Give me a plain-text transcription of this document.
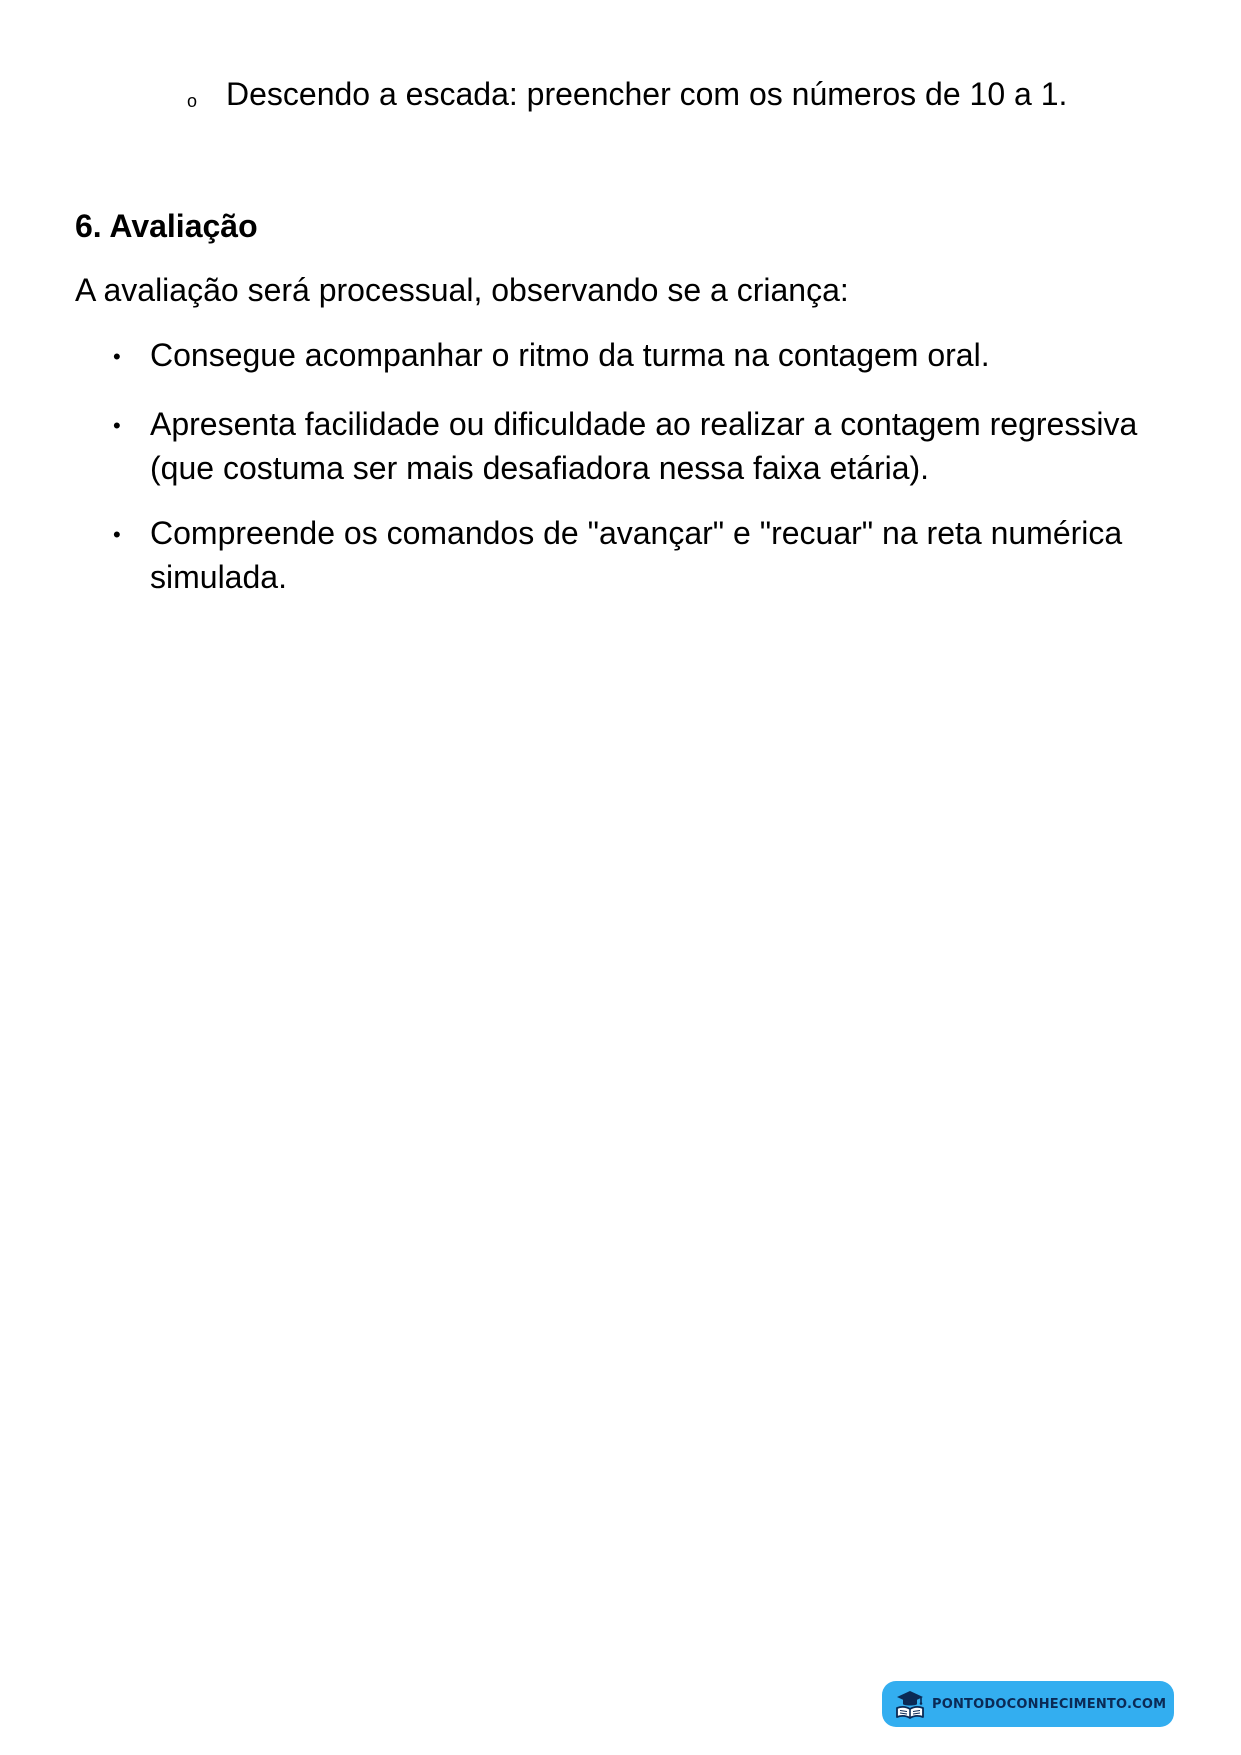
o Descendo a escada: preencher com os números de 10 a 1.
6. Avaliação

A avaliação será processual, observando se a criança:

• Consegue acompanhar o ritmo da turma na contagem oral.
• Apresenta facilidade ou dificuldade ao realizar a contagem regressiva (que costuma ser mais desafiadora nessa faixa etária).
• Compreende os comandos de "avançar" e "recuar" na reta numérica simulada.
PONTODOCONHECIMENTO.COM
